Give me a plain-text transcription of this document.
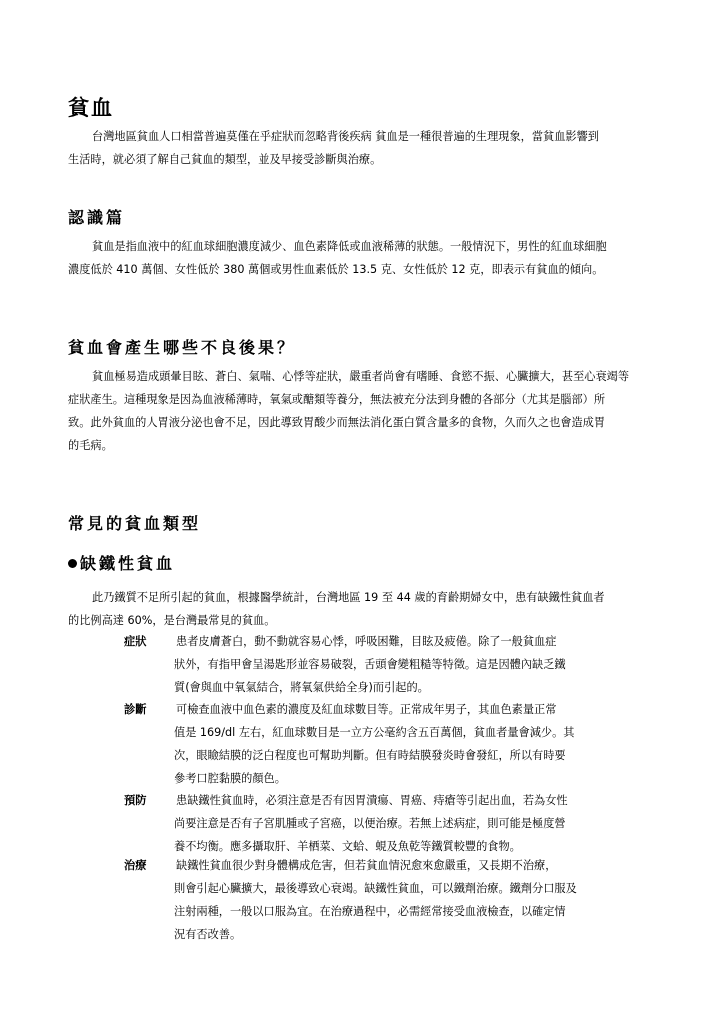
貧血
台灣地區貧血人口相當普遍莫僅在乎症狀而忽略背後疾病 貧血是一種很普遍的生理現象，當貧血影響到
生活時，就必須了解自己貧血的類型，並及早接受診斷與治療。
認識篇
貧血是指血液中的紅血球細胞濃度減少、血色素降低或血液稀薄的狀態。一般情況下，男性的紅血球細胞
濃度低於 410 萬個、女性低於 380 萬個或男性血素低於 13.5 克、女性低於 12 克，即表示有貧血的傾向。
貧血會產生哪些不良後果？
貧血極易造成頭暈目眩、蒼白、氣喘、心悸等症狀，嚴重者尚會有嗜睡、食慾不振、心臟擴大，甚至心衰竭等
症狀產生。這種現象是因為血液稀薄時，氧氣或醣類等養分，無法被充分法到身體的各部分（尤其是腦部）所
致。此外貧血的人胃液分泌也會不足，因此導致胃酸少而無法消化蛋白質含量多的食物，久而久之也會造成胃
的毛病。
常見的貧血類型
缺鐵性貧血
此乃鐵質不足所引起的貧血，根據醫學統計，台灣地區 19 至 44 歲的育齡期婦女中，患有缺鐵性貧血者
的比例高達 60%，是台灣最常見的貧血。
症狀	患者皮膚蒼白，動不動就容易心悸，呼吸困難，目眩及疲倦。除了一般貧血症
狀外，有指甲會呈湯匙形並容易破裂，舌頭會變粗糙等特徵。這是因體內缺乏鐵
質(會與血中氧氣結合，將氧氣供給全身)而引起的。
診斷	可檢查血液中血色素的濃度及紅血球數目等。正常成年男子，其血色素量正常
值是 169/dl 左右，紅血球數目是一立方公毫約含五百萬個，貧血者量會減少。其
次，眼瞼結膜的泛白程度也可幫助判斷。但有時結膜發炎時會發紅，所以有時要
參考口腔黏膜的顏色。
預防	患缺鐵性貧血時，必須注意是否有因胃潰瘍、胃癌、痔瘡等引起出血，若為女性
尚要注意是否有子宮肌腫或子宮癌，以便治療。若無上述病症，則可能是極度營
養不均衡。應多攝取肝、羊栖菜、文蛤、蜆及魚乾等鐵質較豐的食物。
治療	缺鐵性貧血很少對身體構成危害，但若貧血情況愈來愈嚴重，又長期不治療，
則會引起心臟擴大，最後導致心衰竭。缺鐵性貧血，可以鐵劑治療。鐵劑分口服及
注射兩種，一般以口服為宜。在治療過程中，必需經常接受血液檢查，以確定情
況有否改善。
